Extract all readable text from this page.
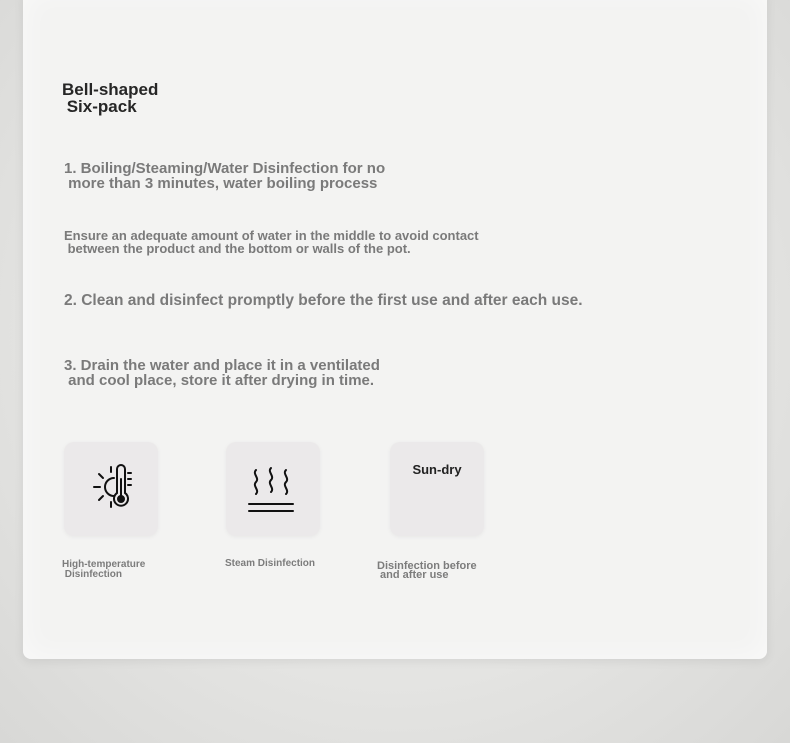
Bell-shaped
Six-pack
1. Boiling/Steaming/Water Disinfection for no
more than 3 minutes, water boiling process
Ensure an adequate amount of water in the middle to avoid contact
between the product and the bottom or walls of the pot.
2. Clean and disinfect promptly before the first use and after each use.
3. Drain the water and place it in a ventilated
and cool place, store it after drying in time.
Sun-dry
High-temperature
Disinfection
Steam Disinfection	Disinfection before
and after use
